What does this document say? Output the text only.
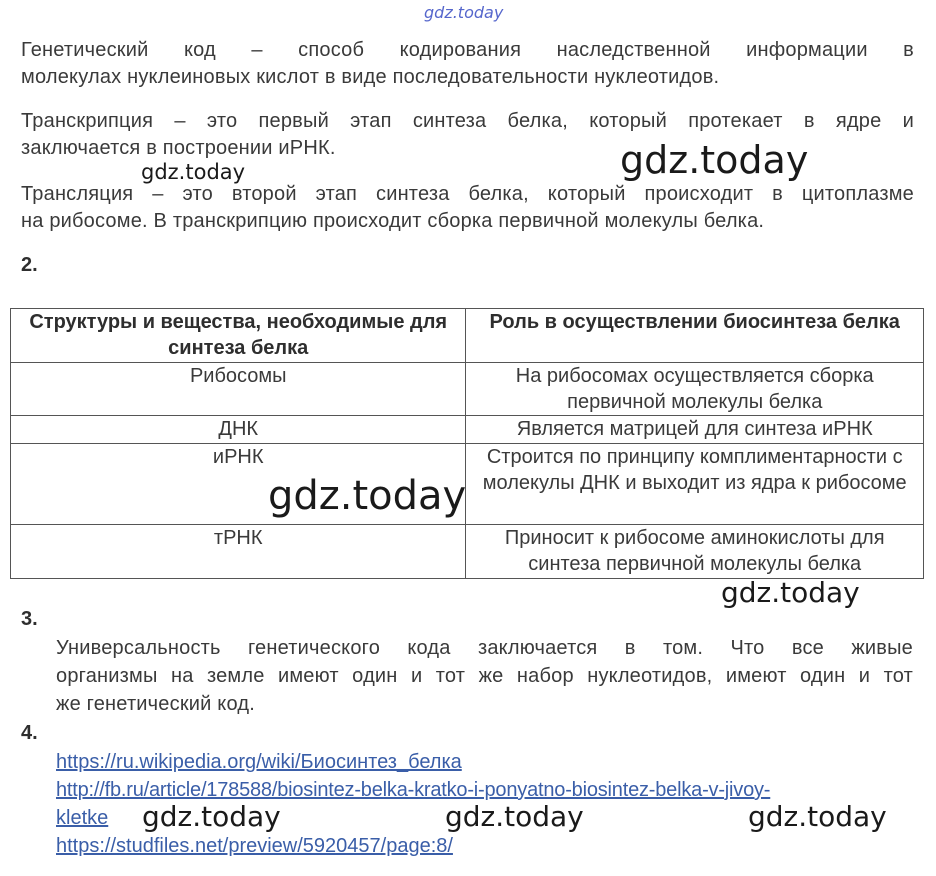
gdz.today
Генетический код – способ кодирования наследственной информации в
молекулах нуклеиновых кислот в виде последовательности нуклеотидов.
Транскрипция – это первый этап синтеза белка, который протекает в ядре и
заключается в построении иРНК.
Трансляция – это второй этап синтеза белка, который происходит в цитоплазме
на рибосоме. В транскрипцию происходит сборка первичной молекулы белка.
2.
Структуры и вещества, необходимые для синтеза белка	Роль в осуществлении биосинтеза белка
Рибосомы	На рибосомах осуществляется сборка первичной молекулы белка
ДНК	Является матрицей для синтеза иРНК
иРНК	Строится по принципу комплиментарности с молекулы ДНК и выходит из ядра к рибосоме
тРНК	Приносит к рибосоме аминокислоты для синтеза первичной молекулы белка
3.
Универсальность генетического кода заключается в том. Что все живые
организмы на земле имеют один и тот же набор нуклеотидов, имеют один и тот
же генетический код.
4.
https://ru.wikipedia.org/wiki/Биосинтез_белка
http://fb.ru/article/178588/biosintez-belka-kratko-i-ponyatno-biosintez-belka-v-jivoy-
kletke
https://studfiles.net/preview/5920457/page:8/
gdz.today
gdz.today
gdz.today
gdz.today
gdz.today	gdz.today	gdz.today
